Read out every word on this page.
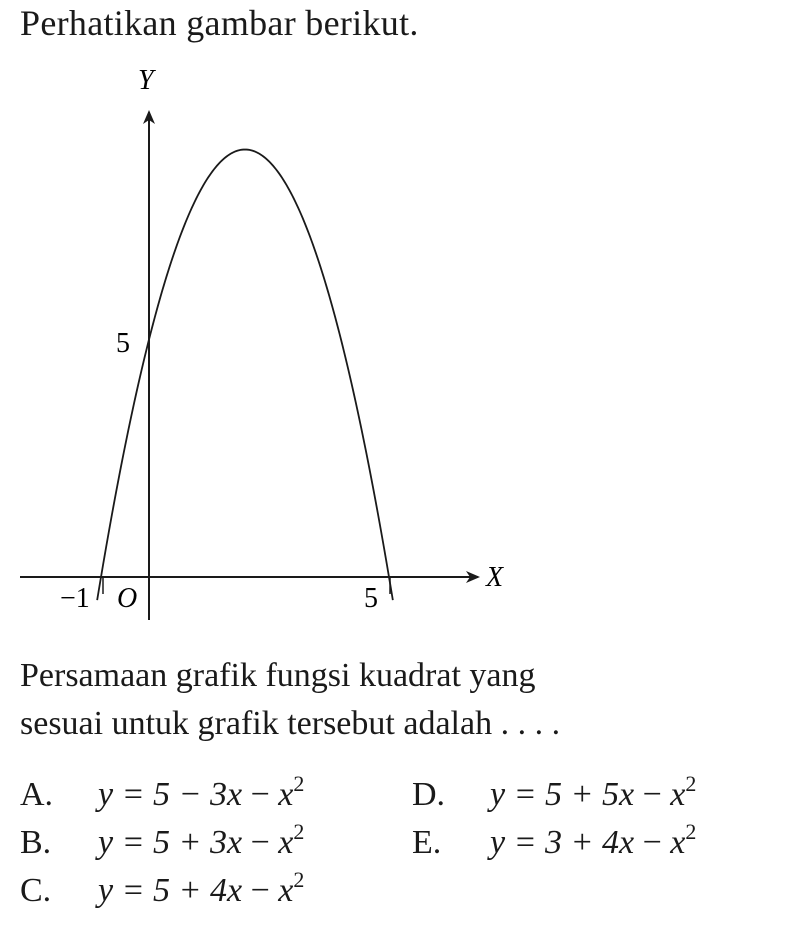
Perhatikan gambar berikut.
Y
X
O
−1	5
5
Persamaan grafik fungsi kuadrat yang
sesuai untuk grafik tersebut adalah . . . .
A. $y = 5 - 3x - x^2$
B. $y = 5 + 3x - x^2$
C. $y = 5 + 4x - x^2$
D. $y = 5 + 5x - x^2$
E. $y = 3 + 4x - x^2$
